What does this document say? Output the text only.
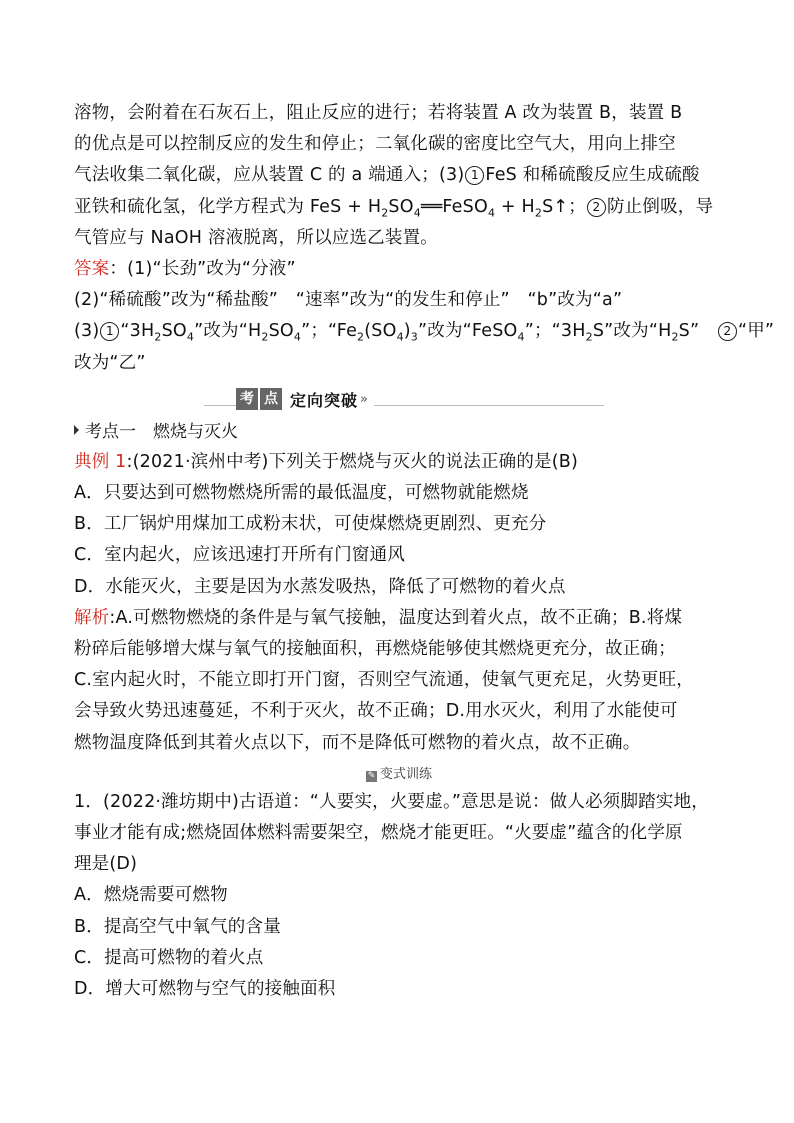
溶物，会附着在石灰石上，阻止反应的进行；若将装置 A 改为装置 B，装置 B
的优点是可以控制反应的发生和停止；二氧化碳的密度比空气大，用向上排空
气法收集二氧化碳，应从装置 C 的 a 端通入；(3) 1 FeS 和稀硫酸反应生成硫酸
亚铁和硫化氢，化学方程式为 FeS + $H_2SO_4══FeSO_4$ + $H_2S↑$； 2 防止倒吸，导
气管应与 NaOH 溶液脱离，所以应选乙装置。
答案：(1)“长劲”改为“分液”
(2)“稀硫酸”改为“稀盐酸”　“速率”改为“的发生和停止”　“b”改为“a”
(3) 1 “$3H_2SO_4$”改为“$H_2SO_4$”；“$Fe_2(SO_4)_3$”改为“FeSO$_4$”；“$3H_2S$”改为“$H_2S$”　2 “甲”
改为“乙”
考 点 定向突破 »
考点一　燃烧与灭火
典例 1:(2021·滨州中考)下列关于燃烧与灭火的说法正确的是(B)
A．只要达到可燃物燃烧所需的最低温度，可燃物就能燃烧
B．工厂锅炉用煤加工成粉末状，可使煤燃烧更剧烈、更充分
C．室内起火，应该迅速打开所有门窗通风
D．水能灭火，主要是因为水蒸发吸热，降低了可燃物的着火点
解析:A.可燃物燃烧的条件是与氧气接触，温度达到着火点，故不正确；B.将煤
粉碎后能够增大煤与氧气的接触面积，再燃烧能够使其燃烧更充分，故正确；
C.室内起火时，不能立即打开门窗，否则空气流通，使氧气更充足，火势更旺，
会导致火势迅速蔓延，不利于灭火，故不正确；D.用水灭火，利用了水能使可
燃物温度降低到其着火点以下，而不是降低可燃物的着火点，故不正确。
✎ 变式训练
1．(2022·潍坊期中)古语道：“人要实，火要虚。”意思是说：做人必须脚踏实地，
事业才能有成;燃烧固体燃料需要架空，燃烧才能更旺。“火要虚”蕴含的化学原
理是(D)
A．燃烧需要可燃物
B．提高空气中氧气的含量
C．提高可燃物的着火点
D．增大可燃物与空气的接触面积
